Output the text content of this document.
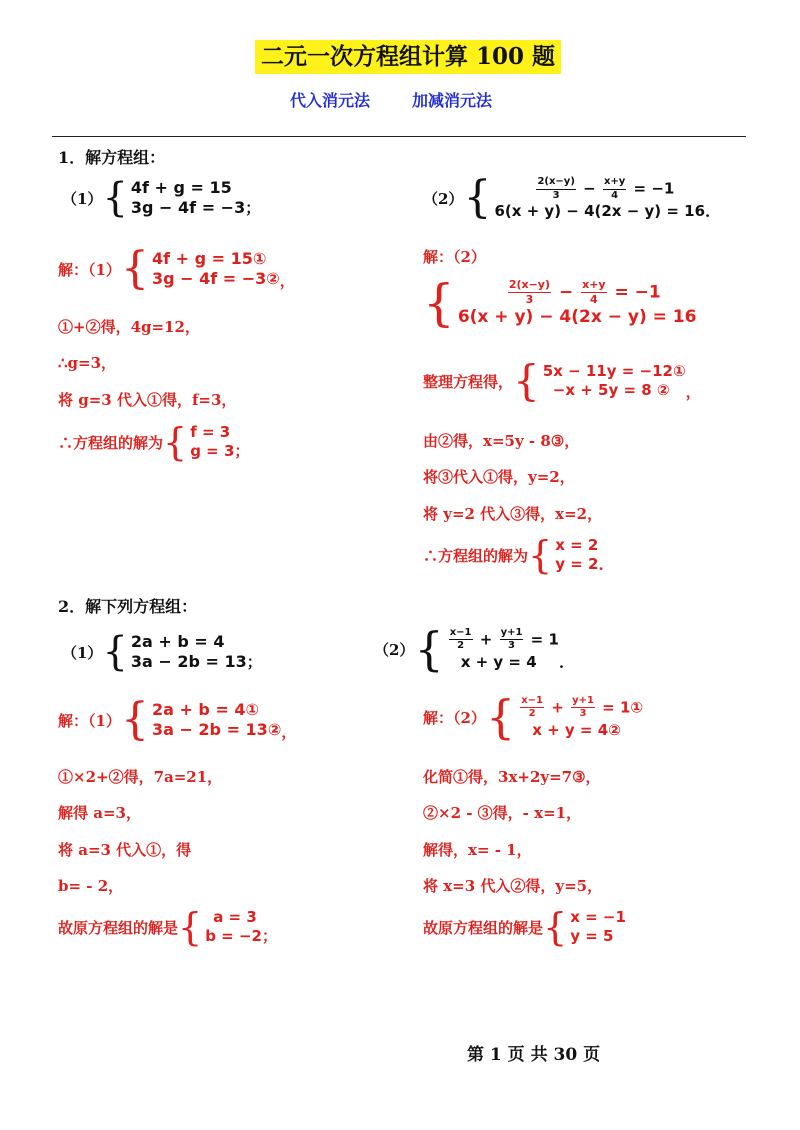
二元一次方程组计算 100 题
代入消元法	加减消元法
1．解方程组：
（1） { 4f + g = 15
3g − 4f = −3 ；
（2） {	$\frac{2(x-y)}{3} - \frac{x+y}{4} = -1$
6(x + y) − 4(2x − y) = 16 .
解：（1） { 4f + g = 15①
3g − 4f = −3② ，
①+②得，4g=12，
∴g=3，
将 g=3 代入①得，f=3，
∴方程组的解为 { f = 3
g = 3 ；
解：（2）
{	$\frac{2(x-y)}{3} - \frac{x+y}{4} = -1$
6(x + y) − 4(2x − y) = 16
整理方程得， { 5x − 11y = −12①
−x + 5y = 8 ②	，
由②得，x=5y - 8③，
将③代入①得，y=2，
将 y=2 代入③得，x=2，
∴方程组的解为 { x = 2
y = 2 .
2．解下列方程组：
（1） { 2a + b = 4
3a − 2b = 13 ；
（2） { $\frac{x-1}{2} + \frac{y+1}{3} = 1$
x + y = 4	.
解：（1） { 2a + b = 4①
3a − 2b = 13② ，
①×2+②得，7a=21，
解得 a=3，
将 a=3 代入①，得
b= - 2，
故原方程组的解是 { a = 3
b = −2 ；
解：（2） { $\frac{x-1}{2} + \frac{y+1}{3}$ = 1①
x + y = 4②
化简①得，3x+2y=7③，
②×2 - ③得，- x=1，
解得，x= - 1，
将 x=3 代入②得，y=5，
故原方程组的解是 { x = −1
y = 5
第 1 页 共 30 页
